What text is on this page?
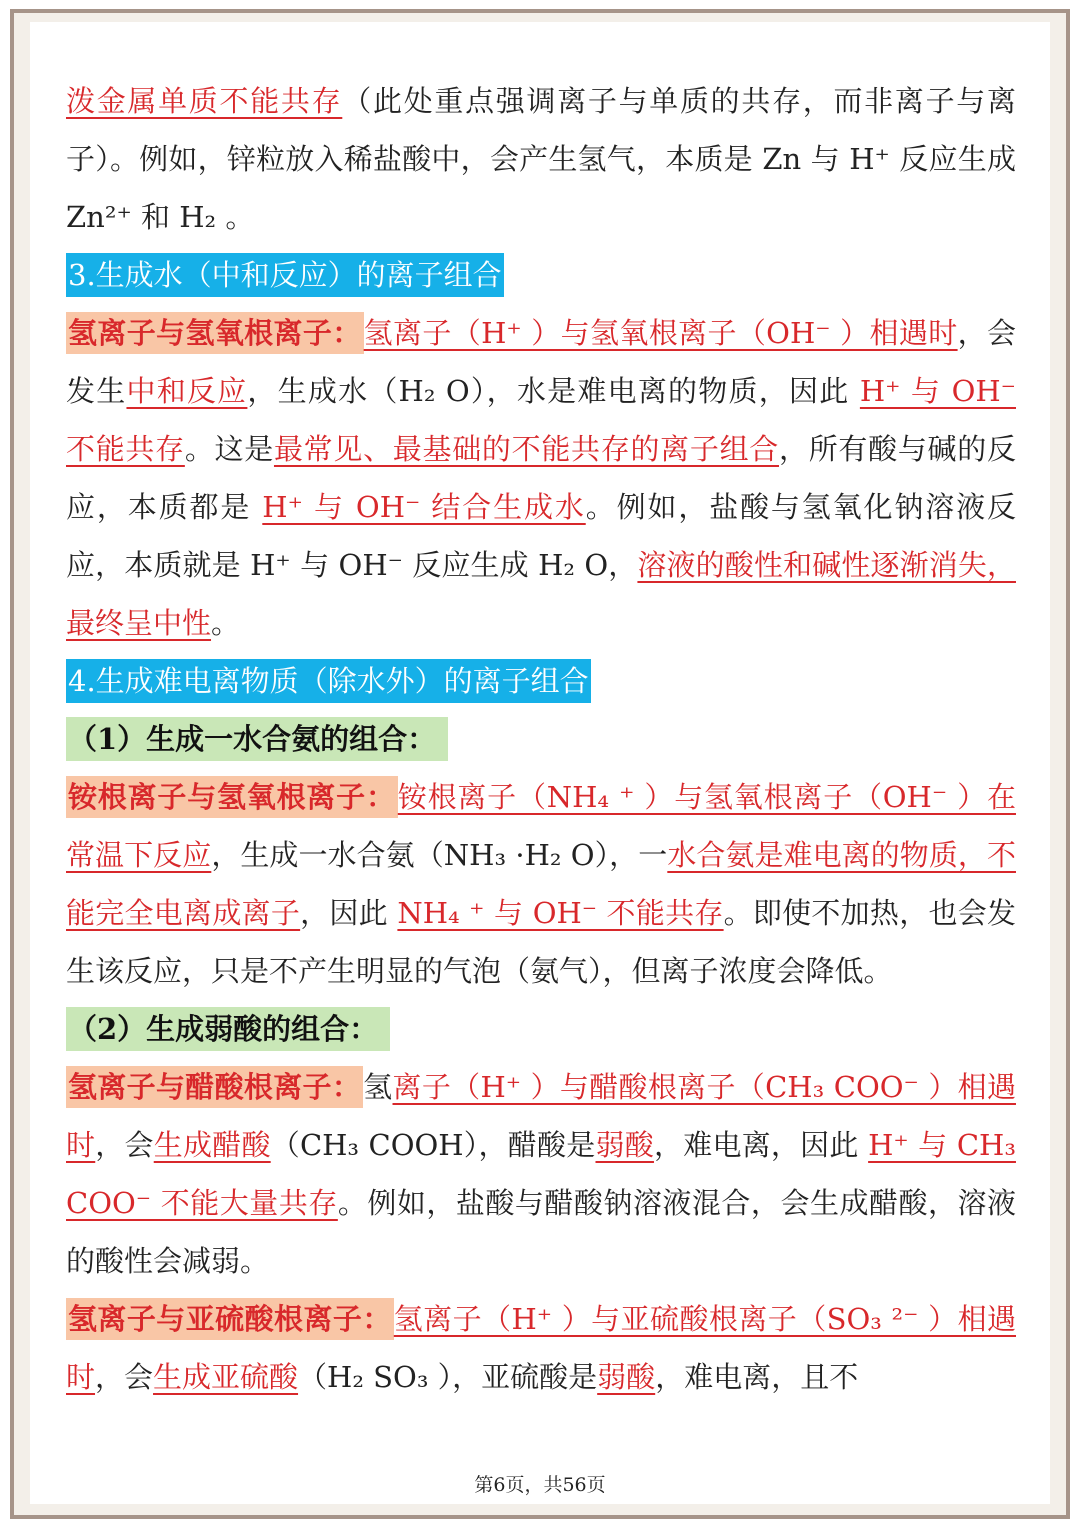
泼金属单质不能共存（此处重点强调离子与单质的共存，而非离子与离子）。例如，锌粒放入稀盐酸中，会产生氢气，本质是 Zn 与 H⁺ 反应生成 Zn²⁺ 和 H₂ 。

3.生成水（中和反应）的离子组合

氢离子与氢氧根离子：氢离子（H⁺ ）与氢氧根离子（OH⁻ ）相遇时，会发生中和反应，生成水（H₂ O），水是难电离的物质，因此 H⁺ 与 OH⁻ 不能共存。这是最常见、最基础的不能共存的离子组合，所有酸与碱的反应，本质都是 H⁺ 与 OH⁻ 结合生成水。例如，盐酸与氢氧化钠溶液反应，本质就是 H⁺ 与 OH⁻ 反应生成 H₂ O，溶液的酸性和碱性逐渐消失，最终呈中性。

4.生成难电离物质（除水外）的离子组合
（1）生成一水合氨的组合：

铵根离子与氢氧根离子：铵根离子（NH₄ ⁺ ）与氢氧根离子（OH⁻ ）在常温下反应，生成一水合氨（NH₃ ·H₂ O），一水合氨是难电离的物质，不能完全电离成离子，因此 NH₄ ⁺ 与 OH⁻ 不能共存。即使不加热，也会发生该反应，只是不产生明显的气泡（氨气），但离子浓度会降低。

（2）生成弱酸的组合：

氢离子与醋酸根离子：氢离子（H⁺ ）与醋酸根离子（CH₃ COO⁻ ）相遇时，会生成醋酸（CH₃ COOH），醋酸是弱酸，难电离，因此 H⁺ 与 CH₃ COO⁻ 不能大量共存。例如，盐酸与醋酸钠溶液混合，会生成醋酸，溶液的酸性会减弱。

氢离子与亚硫酸根离子：氢离子（H⁺ ）与亚硫酸根离子（SO₃ ²⁻ ）相遇时，会生成亚硫酸（H₂ SO₃ ），亚硫酸是弱酸，难电离，且不

第6页，共56页
